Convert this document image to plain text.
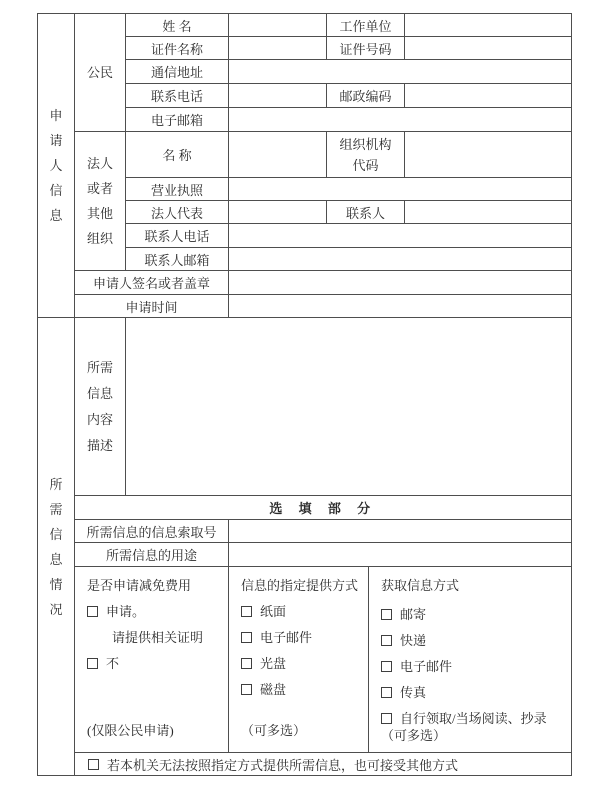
申请人信息	公民	姓 名		工作单位		
		证件名称		证件号码		
		通信地址				
		联系电话		邮政编码		
		电子邮箱				

	法人或者其他组织	名 称		组织机构代码		

		营业执照				
		法人代表		联系人		
		联系人电话				
		联系人邮箱				
	申请人签名或者盖章					
	申请时间					

所需信息情况	所需信息内容描述					

	选 填 部 分					
	所需信息的信息索取号					
	所需信息的用途					

是否申请减免费用
申请。
请提供相关证明
不
(仅限公民申请)

信息的指定提供方式
纸面
电子邮件
光盘
磁盘
（可多选）

获取信息方式
邮寄
快递
电子邮件
传真
自行领取/当场阅读、抄录
（可多选）

	若本机关无法按照指定方式提供所需信息，也可接受其他方式					
